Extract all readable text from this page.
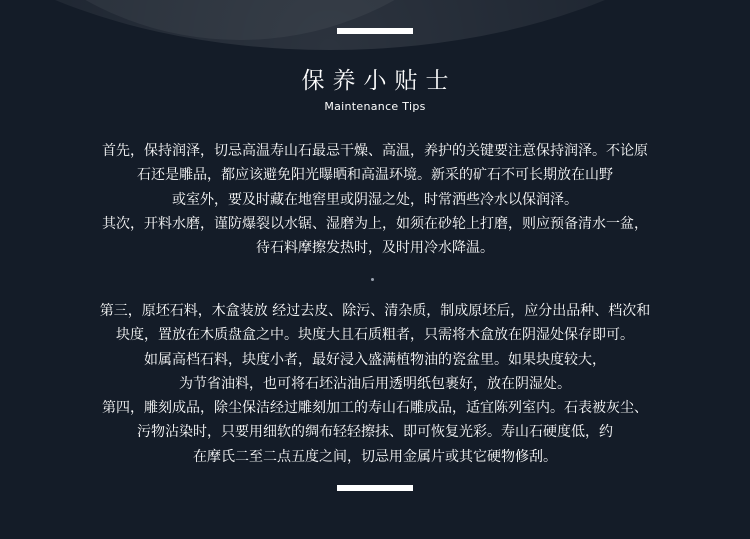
保养小贴士
Maintenance Tips
首先，保持润泽，切忌高温寿山石最忌干燥、高温，养护的关键要注意保持润泽。不论原
石还是雕品，都应该避免阳光曝晒和高温环境。新采的矿石不可长期放在山野
或室外，要及时藏在地窖里或阴湿之处，时常洒些冷水以保润泽。
其次，开料水磨，谨防爆裂以水锯、湿磨为上，如须在砂轮上打磨，则应预备清水一盆，
待石料摩擦发热时，及时用冷水降温。
第三，原坯石料，木盒装放 经过去皮、除污、清杂质，制成原坯后，应分出品种、档次和
块度，置放在木质盘盒之中。块度大且石质粗者，只需将木盒放在阴湿处保存即可。
如属高档石料，块度小者，最好浸入盛满植物油的瓷盆里。如果块度较大，
为节省油料，也可将石坯沾油后用透明纸包裹好，放在阴湿处。
第四，雕刻成品，除尘保洁经过雕刻加工的寿山石雕成品，适宜陈列室内。石表被灰尘、
污物沾染时，只要用细软的绸布轻轻擦抹、即可恢复光彩。寿山石硬度低，约
在摩氏二至二点五度之间，切忌用金属片或其它硬物修刮。
